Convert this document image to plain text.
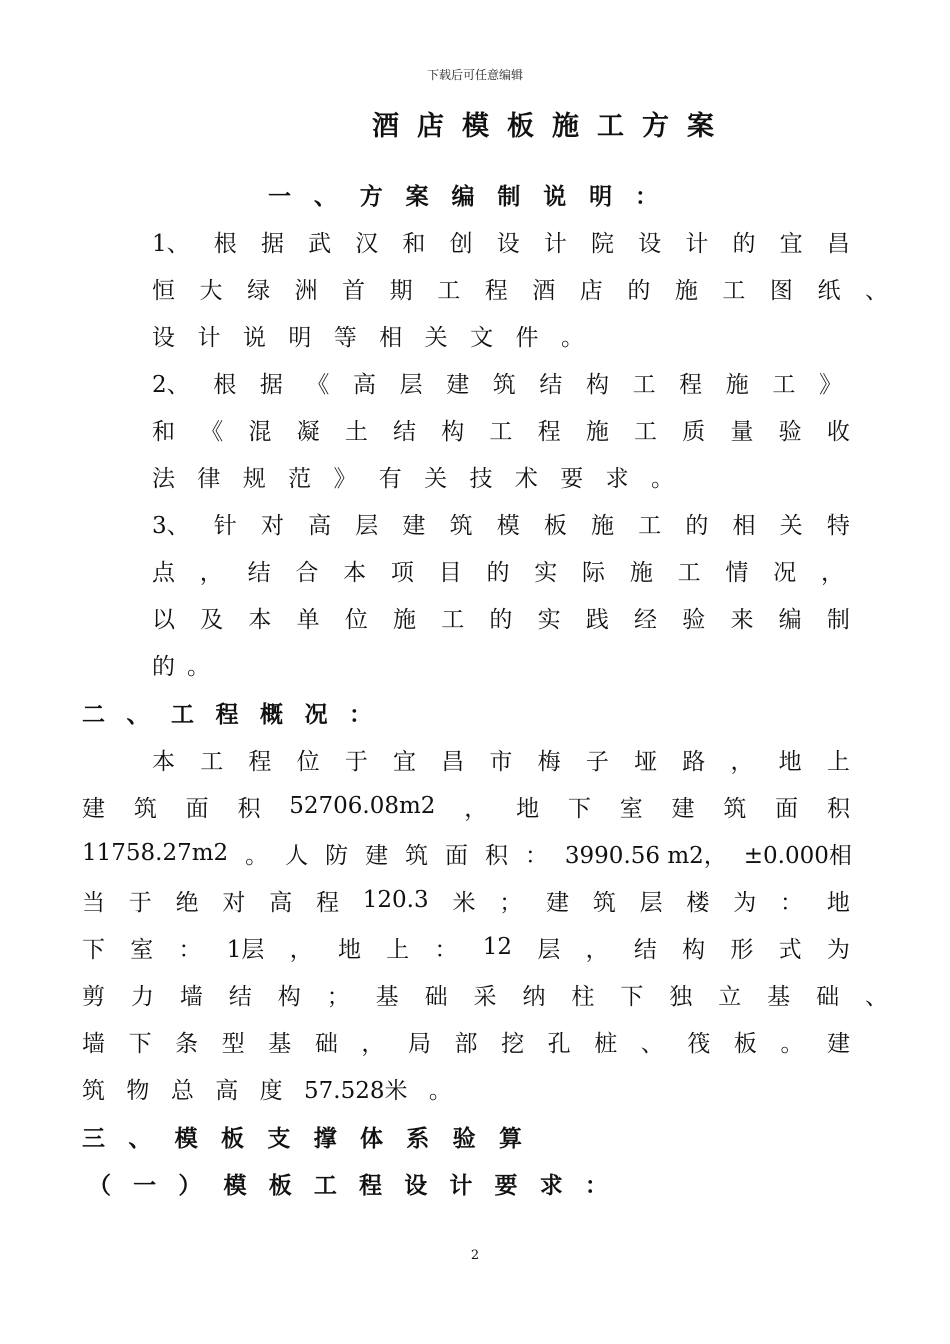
下载后可任意编辑
酒店模板施工方案
一 、 方 案 编 制 说 明 ：
1、 根 据 武 汉 和 创 设 计 院 设 计 的 宜 昌
恒 大 绿 洲 首 期 工 程 酒 店 的 施 工 图 纸 、
设 计 说 明 等 相 关 文 件 。
2、 根 据 《 高 层 建 筑 结 构 工 程 施 工 》
和 《 混 凝 土 结 构 工 程 施 工 质 量 验 收
法 律 规 范 》 有 关 技 术 要 求 。
3、 针 对 高 层 建 筑 模 板 施 工 的 相 关 特
点 ， 结 合 本 项 目 的 实 际 施 工 情 况 ，
以 及 本 单 位 施 工 的 实 践 经 验 来 编 制
的 。
二 、 工 程 概 况 ：
本 工 程 位 于 宜 昌 市 梅 子 垭 路 ， 地 上
建 筑 面 积 52706.08m2 ， 地 下 室 建 筑 面 积
11758.27m2 。 人 防 建 筑 面 积 ： 3990.56 m2， ±0.000相
当 于 绝 对 高 程 120.3 米 ； 建 筑 层 楼 为 ： 地
下 室 ： 1层 ， 地 上 ： 12 层 ， 结 构 形 式 为
剪 力 墙 结 构 ； 基 础 采 纳 柱 下 独 立 基 础 、
墙 下 条 型 基 础 ， 局 部 挖 孔 桩 、 筏 板 。 建
筑 物 总 高 度 57.528米 。
三 、 模 板 支 撑 体 系 验 算
（ 一 ） 模 板 工 程 设 计 要 求 ：
2
